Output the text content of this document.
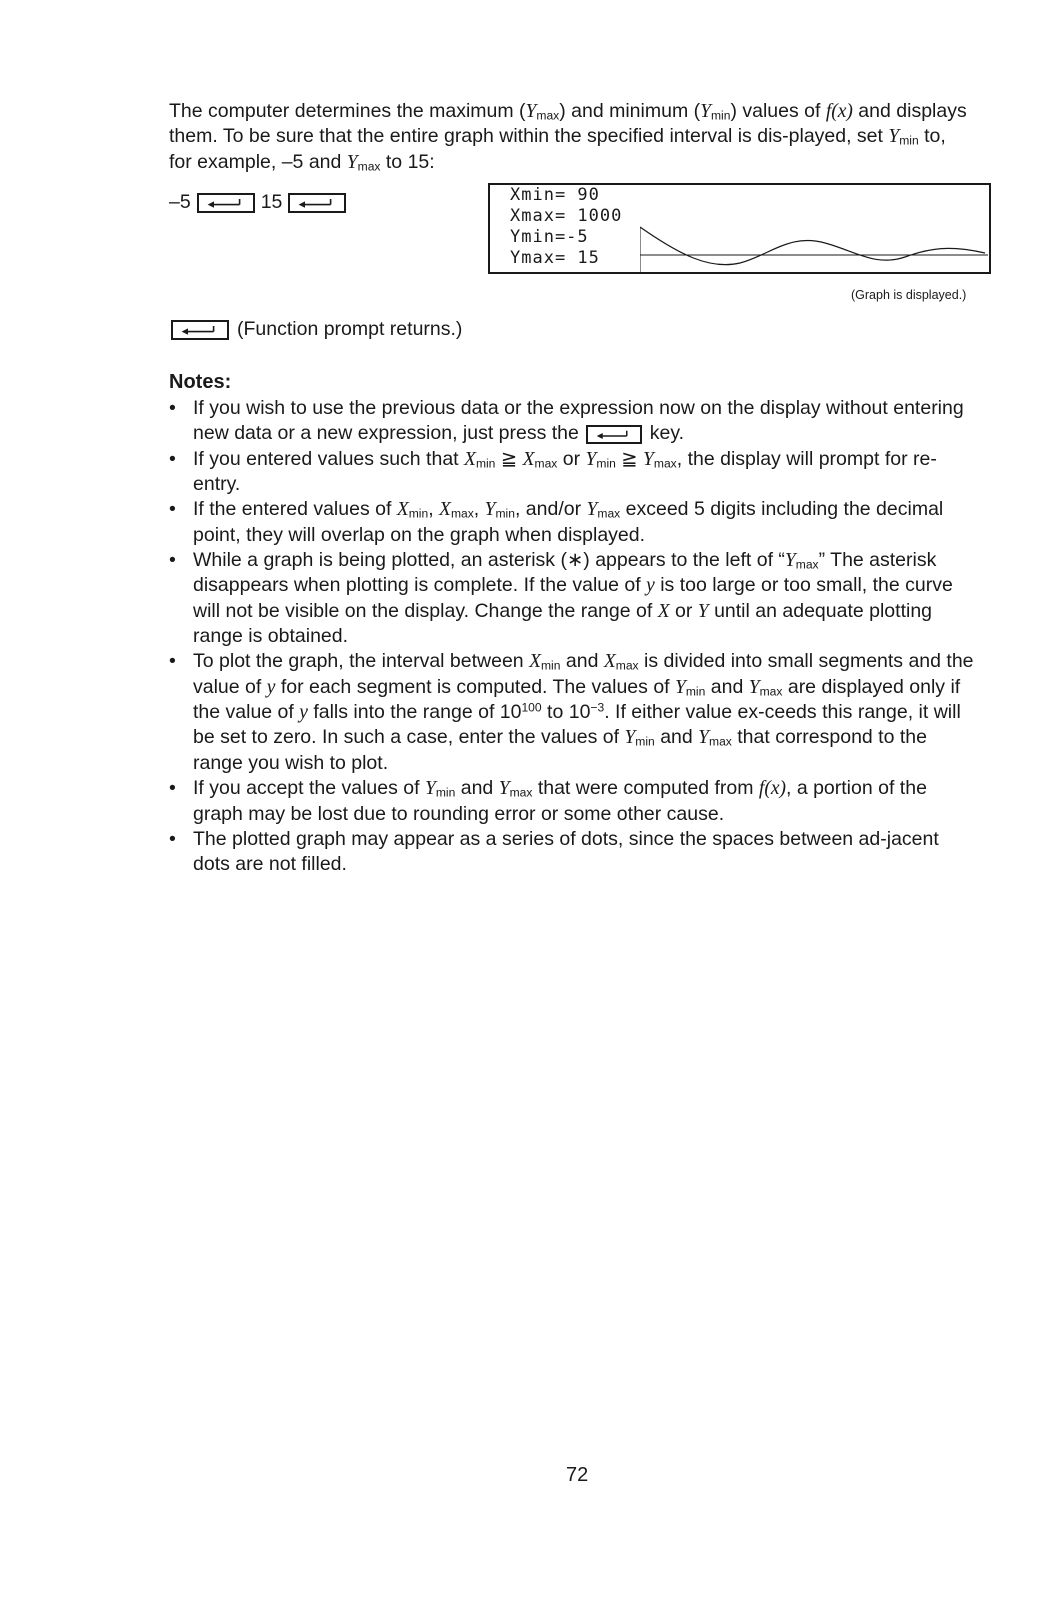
The computer determines the maximum $(Y_{max})$ and minimum $(Y_{min})$ values of f(x) and displays them. To be sure that the entire graph within the specified interval is dis-played, set $Y_{min}$ to, for example, –5 and $Y_{max}$ to 15:

–5	15	Xmin= 90
Xmax= 1000
Ymin=-5
Ymax= 15
(Graph is displayed.)
(Function prompt returns.)
Notes:
• If you wish to use the previous data or the expression now on the display without entering new data or a new expression, just press the	key.
• If you entered values such that $X_{min}$ ≧ $X_{max}$ or $Y_{min}$ ≧ $Y_{max}$, the display will prompt for re-entry.
• If the entered values of $X_{min}$, $X_{max}$, $Y_{min}$, and/or $Y_{max}$ exceed 5 digits including the decimal point, they will overlap on the graph when displayed.
• While a graph is being plotted, an asterisk (∗) appears to the left of “$Y_{max}$” The asterisk disappears when plotting is complete. If the value of y is too large or too small, the curve will not be visible on the display. Change the range of X or Y until an adequate plotting range is obtained.
• To plot the graph, the interval between $X_{min}$ and $X_{max}$ is divided into small segments and the value of y for each segment is computed. The values of $Y_{min}$ and $Y_{max}$ are displayed only if the value of y falls into the range of $10^{100}$ to $10^{-3}$. If either value ex-ceeds this range, it will be set to zero. In such a case, enter the values of $Y_{min}$ and $Y_{max}$ that correspond to the range you wish to plot.
• If you accept the values of $Y_{min}$ and $Y_{max}$ that were computed from f(x), a portion of the graph may be lost due to rounding error or some other cause.
• The plotted graph may appear as a series of dots, since the spaces between ad-jacent dots are not filled.
72
